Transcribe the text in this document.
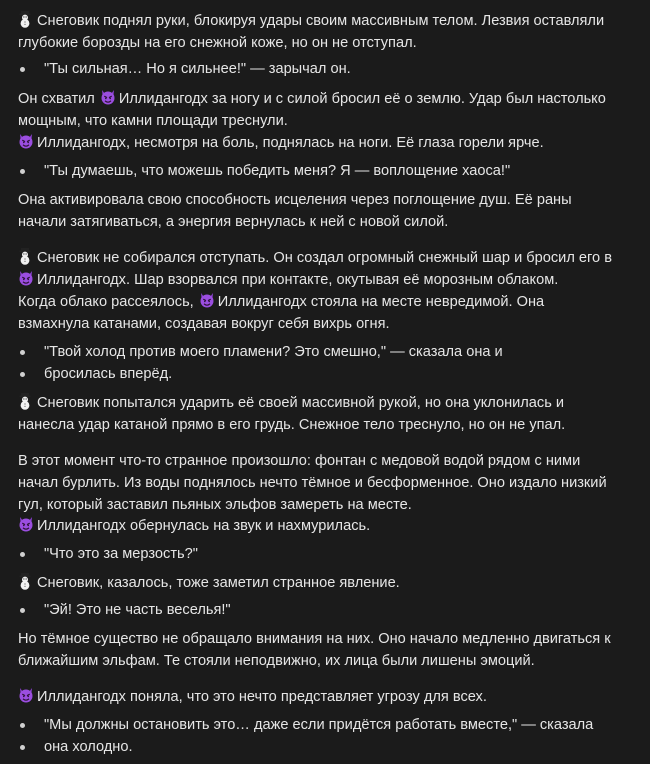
Снеговик поднял руки, блокируя удары своим массивным телом. Лезвия оставляли
глубокие борозды на его снежной коже, но он не отступал.
"Ты сильная… Но я сильнее!" — зарычал он.
Он схватил
Иллидангодх за ногу и с силой бросил её о землю. Удар был настолько
мощным, что камни площади треснули.
Иллидангодх, несмотря на боль, поднялась на ноги. Её глаза горели ярче.
"Ты думаешь, что можешь победить меня? Я — воплощение хаоса!"
Она активировала свою способность исцеления через поглощение душ. Её раны
начали затягиваться, а энергия вернулась к ней с новой силой.
Снеговик не собирался отступать. Он создал огромный снежный шар и бросил его в
Иллидангодх. Шар взорвался при контакте, окутывая её морозным облаком.
Когда облако рассеялось,
Иллидангодх стояла на месте невредимой. Она
взмахнула катанами, создавая вокруг себя вихрь огня.
"Твой холод против моего пламени? Это смешно," — сказала она и
бросилась вперёд.
Снеговик попытался ударить её своей массивной рукой, но она уклонилась и
нанесла удар катаной прямо в его грудь. Снежное тело треснуло, но он не упал.
В этот момент что-то странное произошло: фонтан с медовой водой рядом с ними
начал бурлить. Из воды поднялось нечто тёмное и бесформенное. Оно издало низкий
гул, который заставил пьяных эльфов замереть на месте.
Иллидангодх обернулась на звук и нахмурилась.
"Что это за мерзость?"
Снеговик, казалось, тоже заметил странное явление.
"Эй! Это не часть веселья!"
Но тёмное существо не обращало внимания на них. Оно начало медленно двигаться к
ближайшим эльфам. Те стояли неподвижно, их лица были лишены эмоций.
Иллидангодх поняла, что это нечто представляет угрозу для всех.
"Мы должны остановить это… даже если придётся работать вместе," — сказала
она холодно.
